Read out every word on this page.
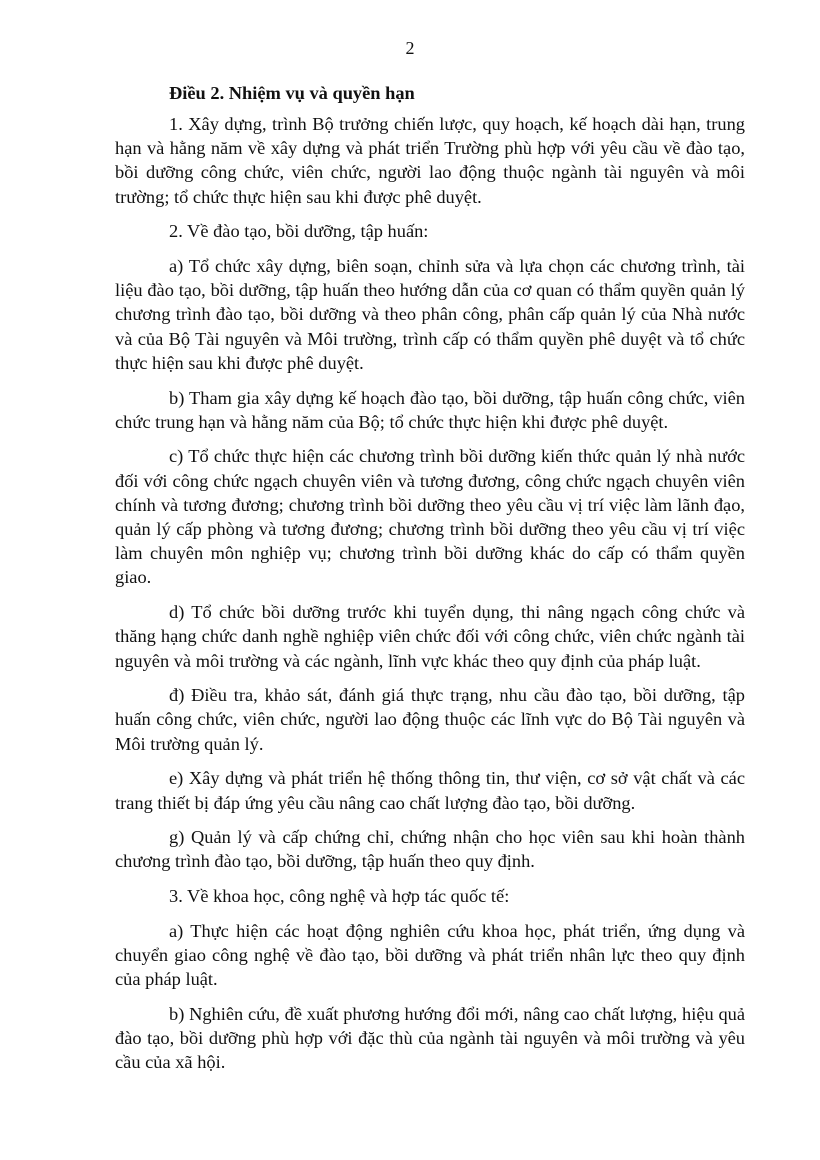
2
Điều 2. Nhiệm vụ và quyền hạn

1. Xây dựng, trình Bộ trưởng chiến lược, quy hoạch, kế hoạch dài hạn, trung hạn và hằng năm về xây dựng và phát triển Trường phù hợp với yêu cầu về đào tạo, bồi dưỡng công chức, viên chức, người lao động thuộc ngành tài nguyên và môi trường; tổ chức thực hiện sau khi được phê duyệt.

2. Về đào tạo, bồi dưỡng, tập huấn:

a) Tổ chức xây dựng, biên soạn, chỉnh sửa và lựa chọn các chương trình, tài liệu đào tạo, bồi dưỡng, tập huấn theo hướng dẫn của cơ quan có thẩm quyền quản lý chương trình đào tạo, bồi dưỡng và theo phân công, phân cấp quản lý của Nhà nước và của Bộ Tài nguyên và Môi trường, trình cấp có thẩm quyền phê duyệt và tổ chức thực hiện sau khi được phê duyệt.

b) Tham gia xây dựng kế hoạch đào tạo, bồi dưỡng, tập huấn công chức, viên chức trung hạn và hằng năm của Bộ; tổ chức thực hiện khi được phê duyệt.

c) Tổ chức thực hiện các chương trình bồi dưỡng kiến thức quản lý nhà nước đối với công chức ngạch chuyên viên và tương đương, công chức ngạch chuyên viên chính và tương đương; chương trình bồi dưỡng theo yêu cầu vị trí việc làm lãnh đạo, quản lý cấp phòng và tương đương; chương trình bồi dưỡng theo yêu cầu vị trí việc làm chuyên môn nghiệp vụ; chương trình bồi dưỡng khác do cấp có thẩm quyền giao.

d) Tổ chức bồi dưỡng trước khi tuyển dụng, thi nâng ngạch công chức và thăng hạng chức danh nghề nghiệp viên chức đối với công chức, viên chức ngành tài nguyên và môi trường và các ngành, lĩnh vực khác theo quy định của pháp luật.

đ) Điều tra, khảo sát, đánh giá thực trạng, nhu cầu đào tạo, bồi dưỡng, tập huấn công chức, viên chức, người lao động thuộc các lĩnh vực do Bộ Tài nguyên và Môi trường quản lý.

e) Xây dựng và phát triển hệ thống thông tin, thư viện, cơ sở vật chất và các trang thiết bị đáp ứng yêu cầu nâng cao chất lượng đào tạo, bồi dưỡng.

g) Quản lý và cấp chứng chỉ, chứng nhận cho học viên sau khi hoàn thành chương trình đào tạo, bồi dưỡng, tập huấn theo quy định.

3. Về khoa học, công nghệ và hợp tác quốc tế:

a) Thực hiện các hoạt động nghiên cứu khoa học, phát triển, ứng dụng và chuyển giao công nghệ về đào tạo, bồi dưỡng và phát triển nhân lực theo quy định của pháp luật.

b) Nghiên cứu, đề xuất phương hướng đổi mới, nâng cao chất lượng, hiệu quả đào tạo, bồi dưỡng phù hợp với đặc thù của ngành tài nguyên và môi trường và yêu cầu của xã hội.
